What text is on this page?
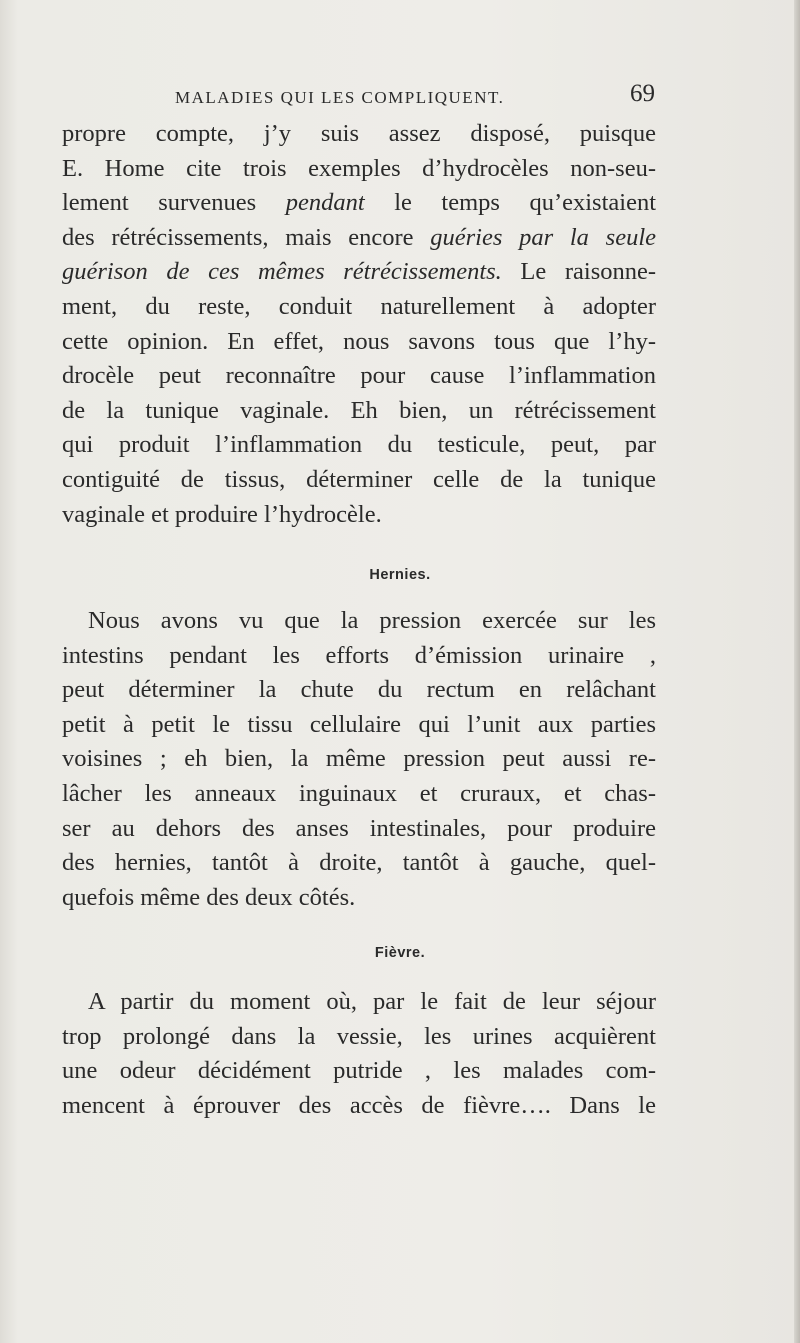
MALADIES QUI LES COMPLIQUENT.	69
propre compte, j’y suis assez disposé, puisque
E. Home cite trois exemples d’hydrocèles non-seu-
lement survenues pendant le temps qu’existaient
des rétrécissements, mais encore guéries par la seule
guérison de ces mêmes rétrécissements. Le raisonne-
ment, du reste, conduit naturellement à adopter
cette opinion. En effet, nous savons tous que l’hy-
drocèle peut reconnaître pour cause l’inflammation
de la tunique vaginale. Eh bien, un rétrécissement
qui produit l’inflammation du testicule, peut, par
contiguité de tissus, déterminer celle de la tunique
vaginale et produire l’hydrocèle.
Hernies.
Nous avons vu que la pression exercée sur les
intestins pendant les efforts d’émission urinaire ,
peut déterminer la chute du rectum en relâchant
petit à petit le tissu cellulaire qui l’unit aux parties
voisines ; eh bien, la même pression peut aussi re-
lâcher les anneaux inguinaux et cruraux, et chas-
ser au dehors des anses intestinales, pour produire
des hernies, tantôt à droite, tantôt à gauche, quel-
quefois même des deux côtés.
Fièvre.
A partir du moment où, par le fait de leur séjour
trop prolongé dans la vessie, les urines acquièrent
une odeur décidément putride , les malades com-
mencent à éprouver des accès de fièvre…. Dans le
